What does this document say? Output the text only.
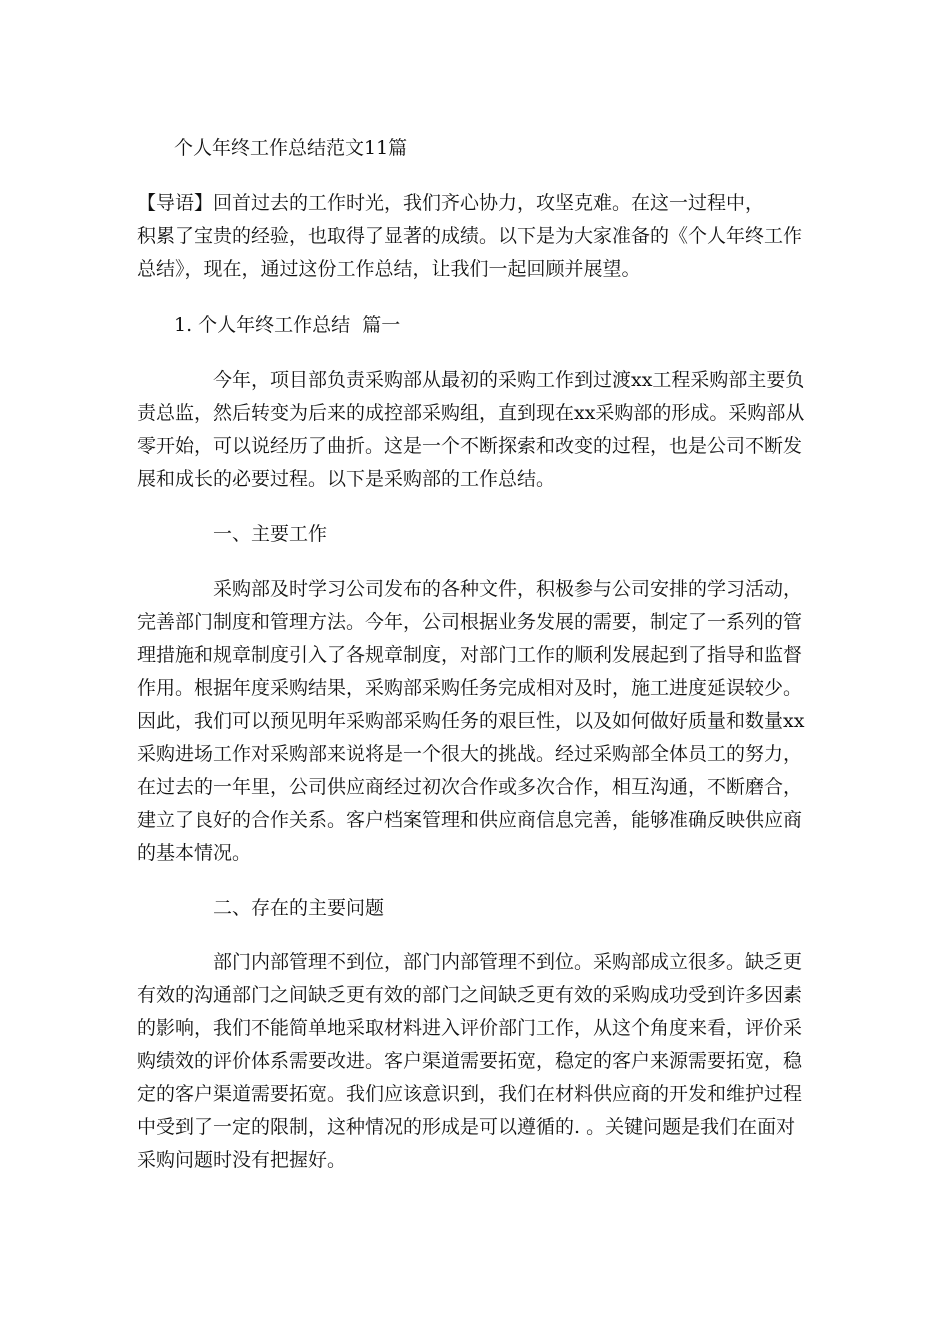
个人年终工作总结范文11篇
【导语】回首过去的工作时光，我们齐心协力，攻坚克难。在这一过程中，
积累了宝贵的经验，也取得了显著的成绩。以下是为大家准备的《个人年终工作
总结》，现在，通过这份工作总结，让我们一起回顾并展望。
1. 个人年终工作总结  篇一
今年，项目部负责采购部从最初的采购工作到过渡xx工程采购部主要负
责总监，然后转变为后来的成控部采购组，直到现在xx采购部的形成。采购部从
零开始，可以说经历了曲折。这是一个不断探索和改变的过程，也是公司不断发
展和成长的必要过程。以下是采购部的工作总结。
一、主要工作
采购部及时学习公司发布的各种文件，积极参与公司安排的学习活动，
完善部门制度和管理方法。今年，公司根据业务发展的需要，制定了一系列的管
理措施和规章制度引入了各规章制度，对部门工作的顺利发展起到了指导和监督
作用。根据年度采购结果，采购部采购任务完成相对及时，施工进度延误较少。
因此，我们可以预见明年采购部采购任务的艰巨性，以及如何做好质量和数量xx
采购进场工作对采购部来说将是一个很大的挑战。经过采购部全体员工的努力，
在过去的一年里，公司供应商经过初次合作或多次合作，相互沟通，不断磨合，
建立了良好的合作关系。客户档案管理和供应商信息完善，能够准确反映供应商
的基本情况。
二、存在的主要问题
部门内部管理不到位，部门内部管理不到位。采购部成立很多。缺乏更
有效的沟通部门之间缺乏更有效的部门之间缺乏更有效的采购成功受到许多因素
的影响，我们不能简单地采取材料进入评价部门工作，从这个角度来看，评价采
购绩效的评价体系需要改进。客户渠道需要拓宽，稳定的客户来源需要拓宽，稳
定的客户渠道需要拓宽。我们应该意识到，我们在材料供应商的开发和维护过程
中受到了一定的限制，这种情况的形成是可以遵循的. 。关键问题是我们在面对
采购问题时没有把握好。
